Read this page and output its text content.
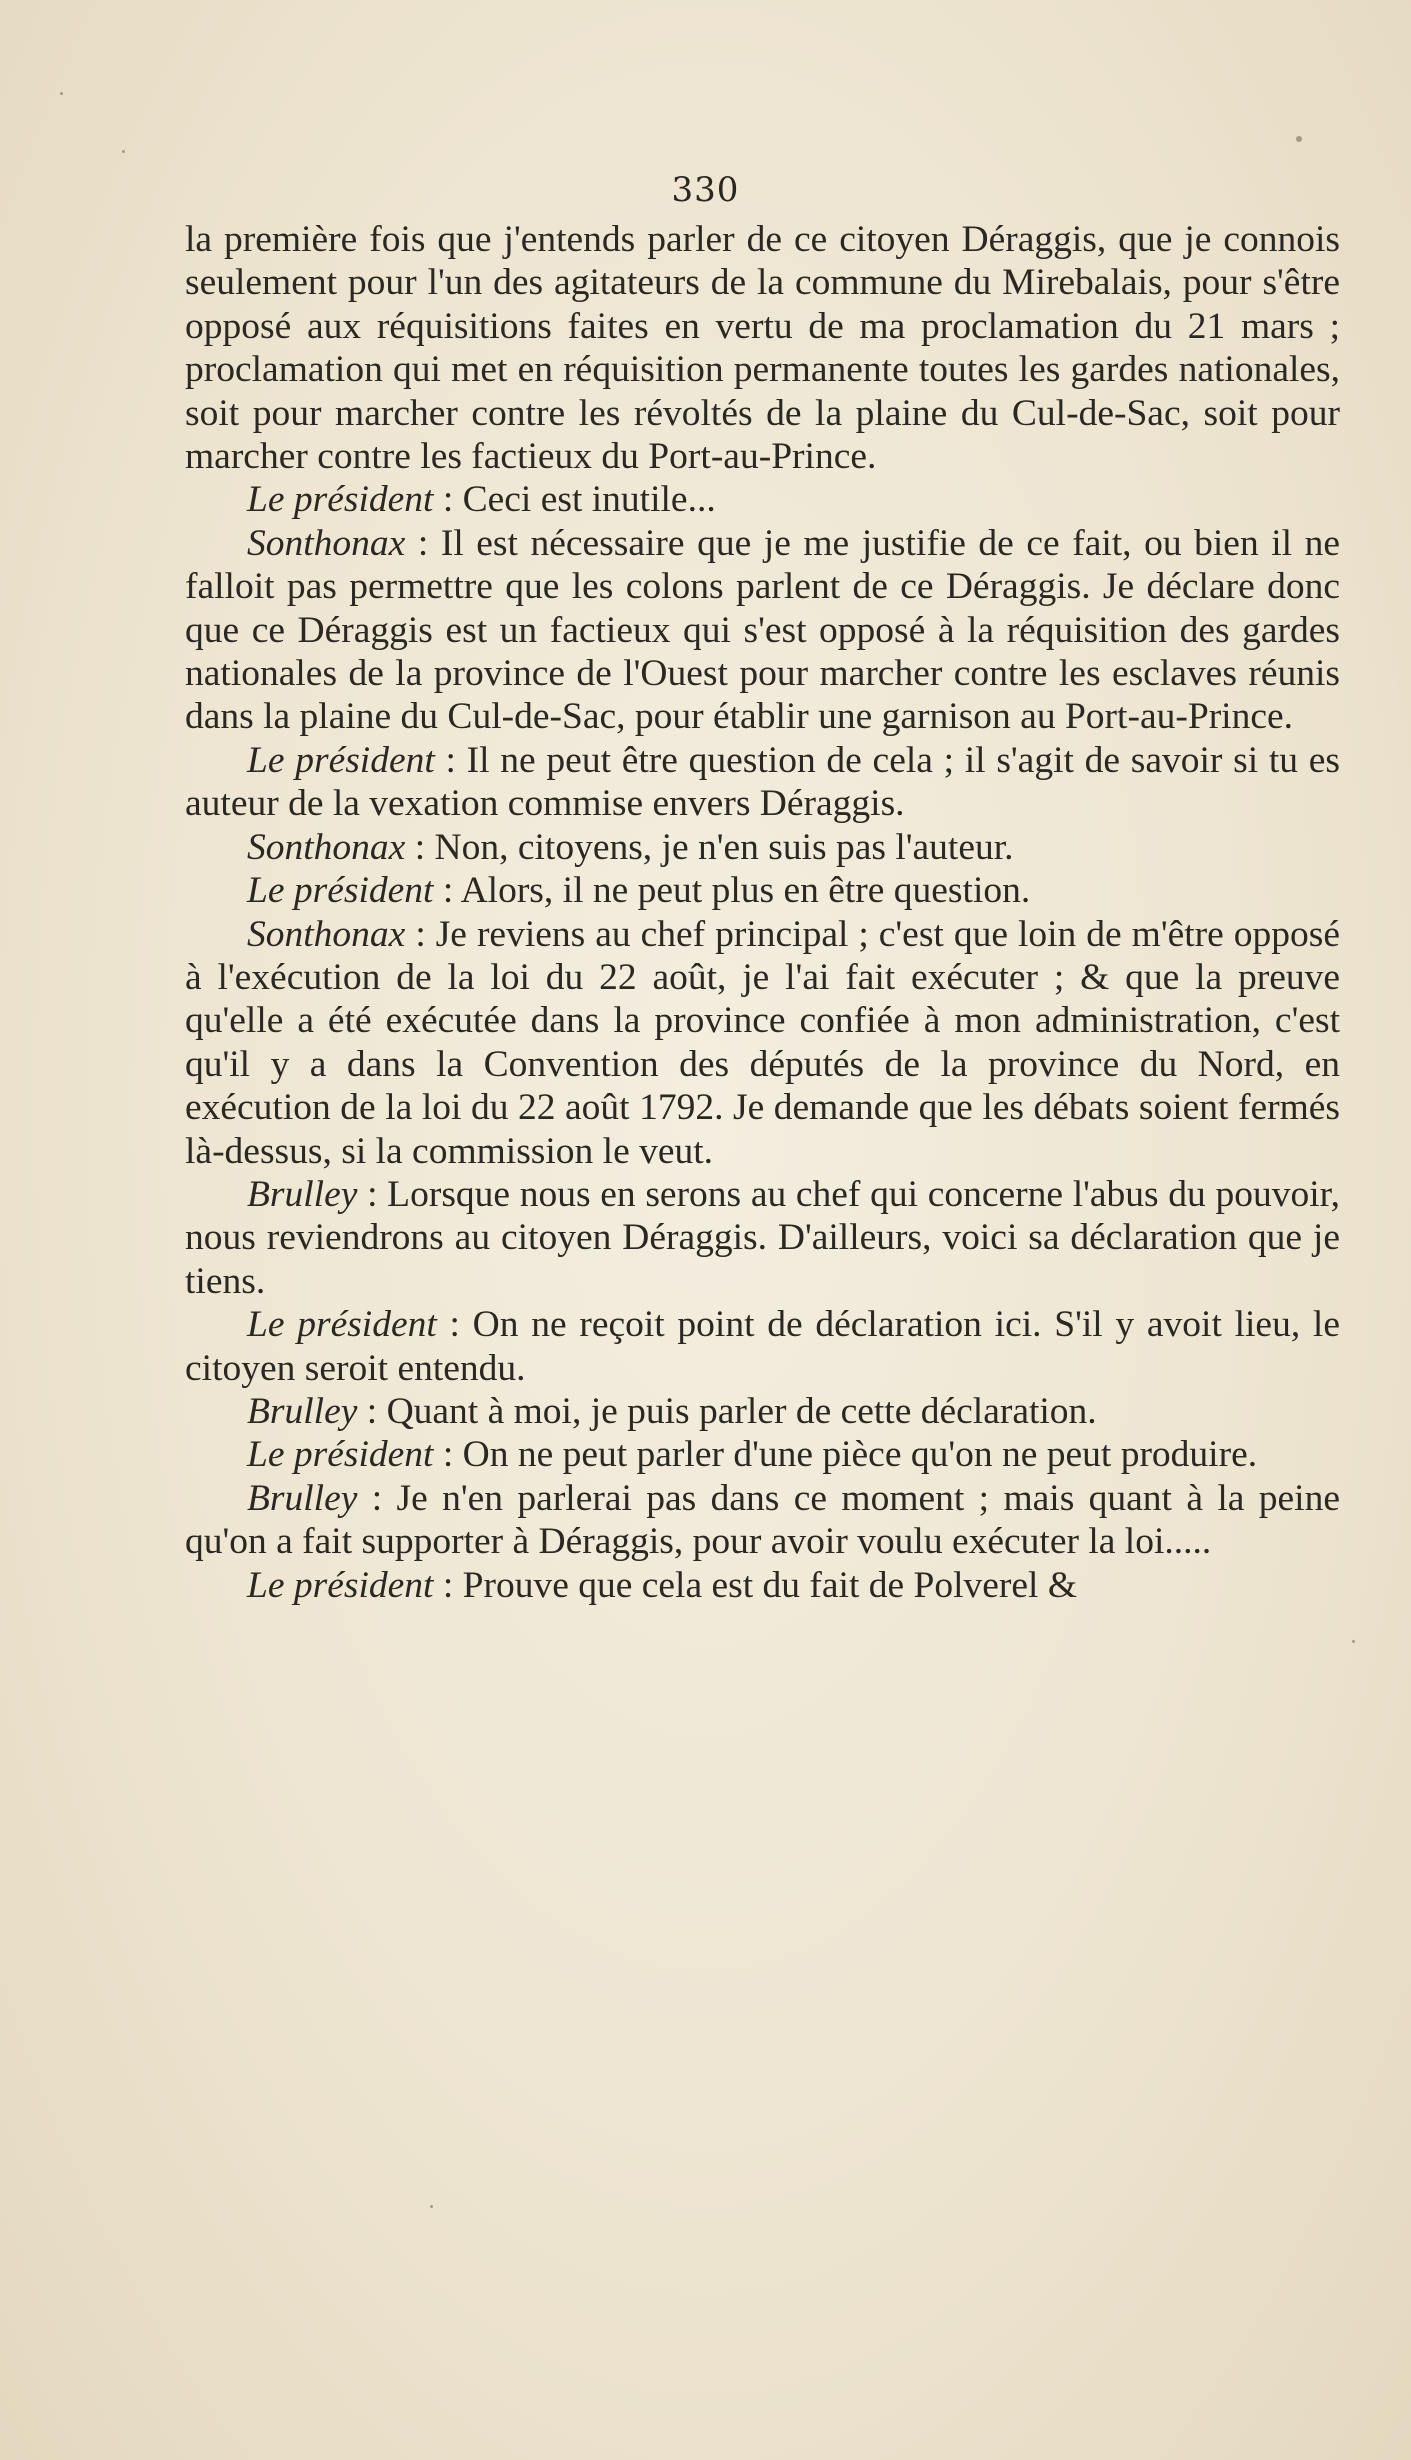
330

la première fois que j'entends parler de ce citoyen Déraggis, que je connois seulement pour l'un des agitateurs de la commune du Mirebalais, pour s'être opposé aux réquisitions faites en vertu de ma proclamation du 21 mars ; proclamation qui met en réquisition permanente toutes les gardes nationales, soit pour marcher contre les révoltés de la plaine du Cul-de-Sac, soit pour marcher contre les factieux du Port-au-Prince.

Le président : Ceci est inutile...

Sonthonax : Il est nécessaire que je me justifie de ce fait, ou bien il ne falloit pas permettre que les colons parlent de ce Déraggis. Je déclare donc que ce Déraggis est un factieux qui s'est opposé à la réquisition des gardes nationales de la province de l'Ouest pour marcher contre les esclaves réunis dans la plaine du Cul-de-Sac, pour établir une garnison au Port-au-Prince.

Le président : Il ne peut être question de cela ; il s'agit de savoir si tu es auteur de la vexation commise envers Déraggis.

Sonthonax : Non, citoyens, je n'en suis pas l'auteur.

Le président : Alors, il ne peut plus en être question.

Sonthonax : Je reviens au chef principal ; c'est que loin de m'être opposé à l'exécution de la loi du 22 août, je l'ai fait exécuter ; & que la preuve qu'elle a été exécutée dans la province confiée à mon administration, c'est qu'il y a dans la Convention des députés de la province du Nord, en exécution de la loi du 22 août 1792. Je demande que les débats soient fermés là-dessus, si la commission le veut.

Brulley : Lorsque nous en serons au chef qui concerne l'abus du pouvoir, nous reviendrons au citoyen Déraggis. D'ailleurs, voici sa déclaration que je tiens.

Le président : On ne reçoit point de déclaration ici. S'il y avoit lieu, le citoyen seroit entendu.

Brulley : Quant à moi, je puis parler de cette déclaration.

Le président : On ne peut parler d'une pièce qu'on ne peut produire.

Brulley : Je n'en parlerai pas dans ce moment ; mais quant à la peine qu'on a fait supporter à Déraggis, pour avoir voulu exécuter la loi.....

Le président : Prouve que cela est du fait de Polverel &
